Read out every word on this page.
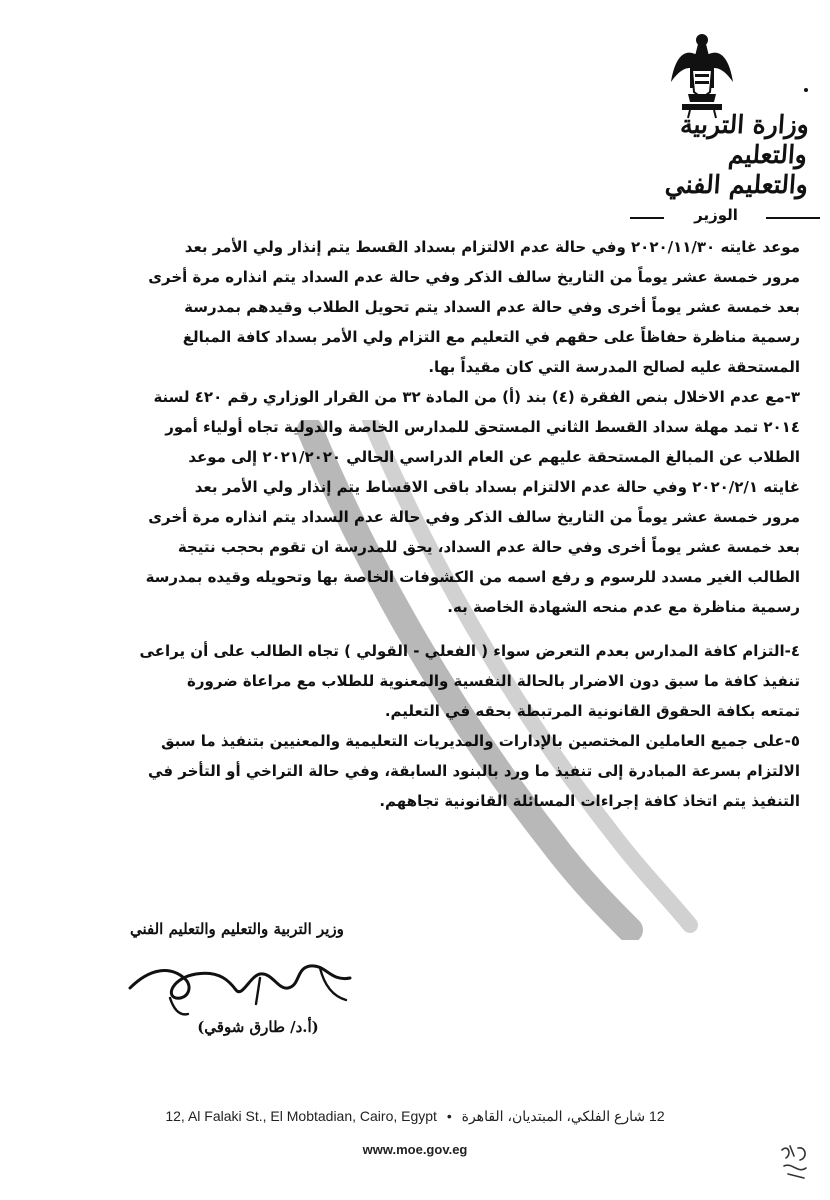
وزارة التربية والتعليم
والتعليم الفني
الوزير
موعد غايته ٢٠٢٠/١١/٣٠ وفي حالة عدم الالتزام بسداد القسط يتم إنذار ولي الأمر بعد
مرور خمسة عشر يوماً من التاريخ سالف الذكر وفي حالة عدم السداد يتم انذاره مرة أخرى
بعد خمسة عشر يوماً أخرى وفي حالة عدم السداد يتم تحويل الطلاب وقيدهم بمدرسة
رسمية مناظرة حفاظاً على حقهم في التعليم مع التزام ولي الأمر بسداد كافة المبالغ
المستحقة عليه لصالح المدرسة التي كان مقيداً بها.
٣-مع عدم الاخلال بنص الفقرة (٤) بند (أ) من المادة ٣٢ من القرار الوزاري رقم ٤٢٠ لسنة
٢٠١٤ تمد مهلة سداد القسط الثاني المستحق للمدارس الخاصة والدولية تجاه أولياء أمور
الطلاب عن المبالغ المستحقة عليهم عن العام الدراسي الحالي ٢٠٢١/٢٠٢٠ إلى موعد
غايته ٢٠٢٠/٢/١ وفي حالة عدم الالتزام بسداد باقى الاقساط يتم إنذار ولي الأمر بعد
مرور خمسة عشر يوماً من التاريخ سالف الذكر وفي حالة عدم السداد يتم انذاره مرة أخرى
بعد خمسة عشر يوماً أخرى وفي حالة عدم السداد، يحق للمدرسة ان تقوم بحجب نتيجة
الطالب الغير مسدد للرسوم و رفع اسمه من الكشوفات الخاصة بها وتحويله وقيده بمدرسة
رسمية مناظرة مع عدم منحه الشهادة الخاصة به.
٤-التزام كافة المدارس بعدم التعرض سواء ( الفعلي - القولي ) تجاه الطالب على أن يراعى
تنفيذ كافة ما سبق دون الاضرار بالحالة النفسية والمعنوية للطلاب مع مراعاة ضرورة
تمتعه بكافة الحقوق القانونية المرتبطة بحقه في التعليم.
٥-على جميع العاملين المختصين بالإدارات والمديريات التعليمية والمعنيين بتنفيذ ما سبق
الالتزام بسرعة المبادرة إلى تنفيذ ما ورد بالبنود السابقة، وفي حالة التراخي أو التأخر في
التنفيذ يتم اتخاذ كافة إجراءات المسائلة القانونية تجاههم.
وزير التربية والتعليم والتعليم الفني
(أ.د/ طارق شوقي)
12, Al Falaki St., El Mobtadian, Cairo, Egypt • 12 شارع الفلكي، المبتديان، القاهرة
www.moe.gov.eg
